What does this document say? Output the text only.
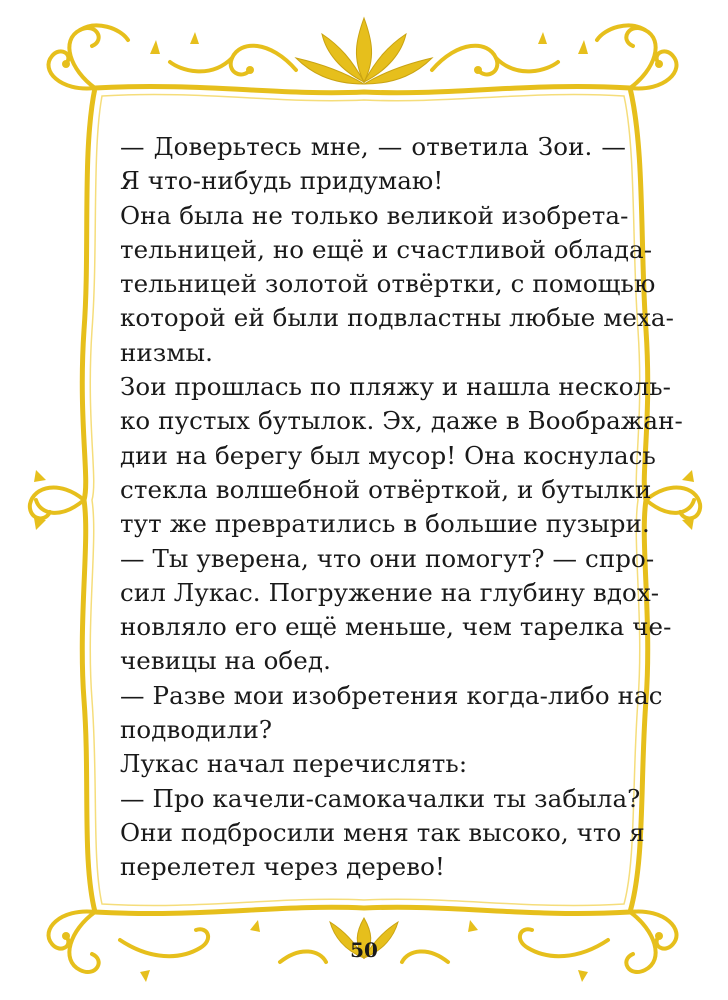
— Доверьтесь мне, — ответила Зои. —
Я что-нибудь придумаю!
Она была не только великой изобрета-
тельницей, но ещё и счастливой облада-
тельницей золотой отвёртки, с помощью
которой ей были подвластны любые меха-
низмы.
Зои прошлась по пляжу и нашла несколь-
ко пустых бутылок. Эх, даже в Воображан-
дии на берегу был мусор! Она коснулась
стекла волшебной отвёрткой, и бутылки
тут же превратились в большие пузыри.
— Ты уверена, что они помогут? — спро-
сил Лукас. Погружение на глубину вдох-
новляло его ещё меньше, чем тарелка че-
чевицы на обед.
— Разве мои изобретения когда-либо нас
подводили?
Лукас начал перечислять:
— Про качели-самокачалки ты забыла?
Они подбросили меня так высоко, что я
перелетел через дерево!
50
